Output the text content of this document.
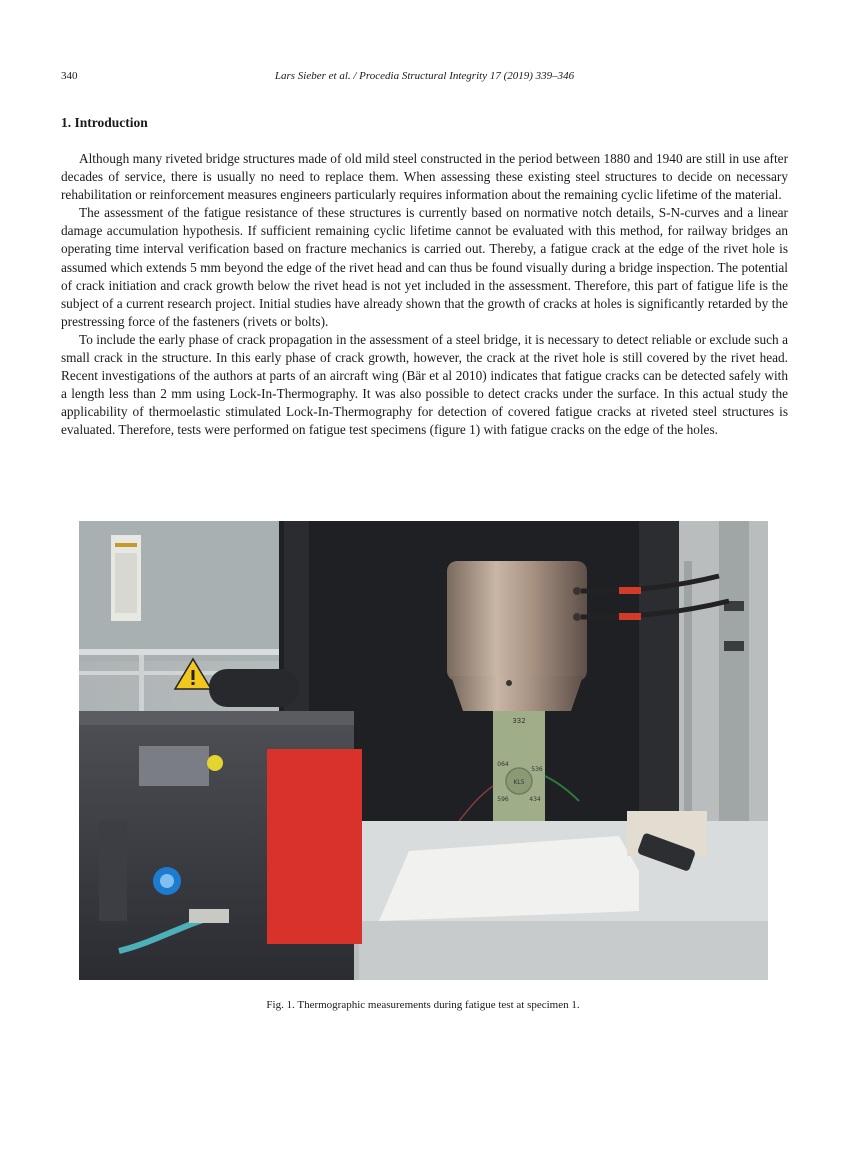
340	Lars Sieber et al. / Procedia Structural Integrity 17 (2019) 339–346
1. Introduction

Although many riveted bridge structures made of old mild steel constructed in the period between 1880 and 1940 are still in use after decades of service, there is usually no need to replace them. When assessing these existing steel structures to decide on necessary rehabilitation or reinforcement measures engineers particularly requires information about the remaining cyclic lifetime of the material.

The assessment of the fatigue resistance of these structures is currently based on normative notch details, S-N-curves and a linear damage accumulation hypothesis. If sufficient remaining cyclic lifetime cannot be evaluated with this method, for railway bridges an operating time interval verification based on fracture mechanics is carried out. Thereby, a fatigue crack at the edge of the rivet hole is assumed which extends 5 mm beyond the edge of the rivet head and can thus be found visually during a bridge inspection. The potential of crack initiation and crack growth below the rivet head is not yet included in the assessment. Therefore, this part of fatigue life is the subject of a current research project. Initial studies have already shown that the growth of cracks at holes is significantly retarded by the prestressing force of the fasteners (rivets or bolts).

To include the early phase of crack propagation in the assessment of a steel bridge, it is necessary to detect reliable or exclude such a small crack in the structure. In this early phase of crack growth, however, the crack at the rivet hole is still covered by the rivet head. Recent investigations of the authors at parts of an aircraft wing (Bär et al 2010) indicates that fatigue cracks can be detected safely with a length less than 2 mm using Lock-In-Thermography. It was also possible to detect cracks under the surface. In this actual study the applicability of thermoelastic stimulated Lock-In-Thermography for detection of covered fatigue cracks at riveted steel structures is evaluated. Therefore, tests were performed on fatigue test specimens (figure 1) with fatigue cracks on the edge of the holes.

332
064
536
KL5
596	434
Fig. 1. Thermographic measurements during fatigue test at specimen 1.
